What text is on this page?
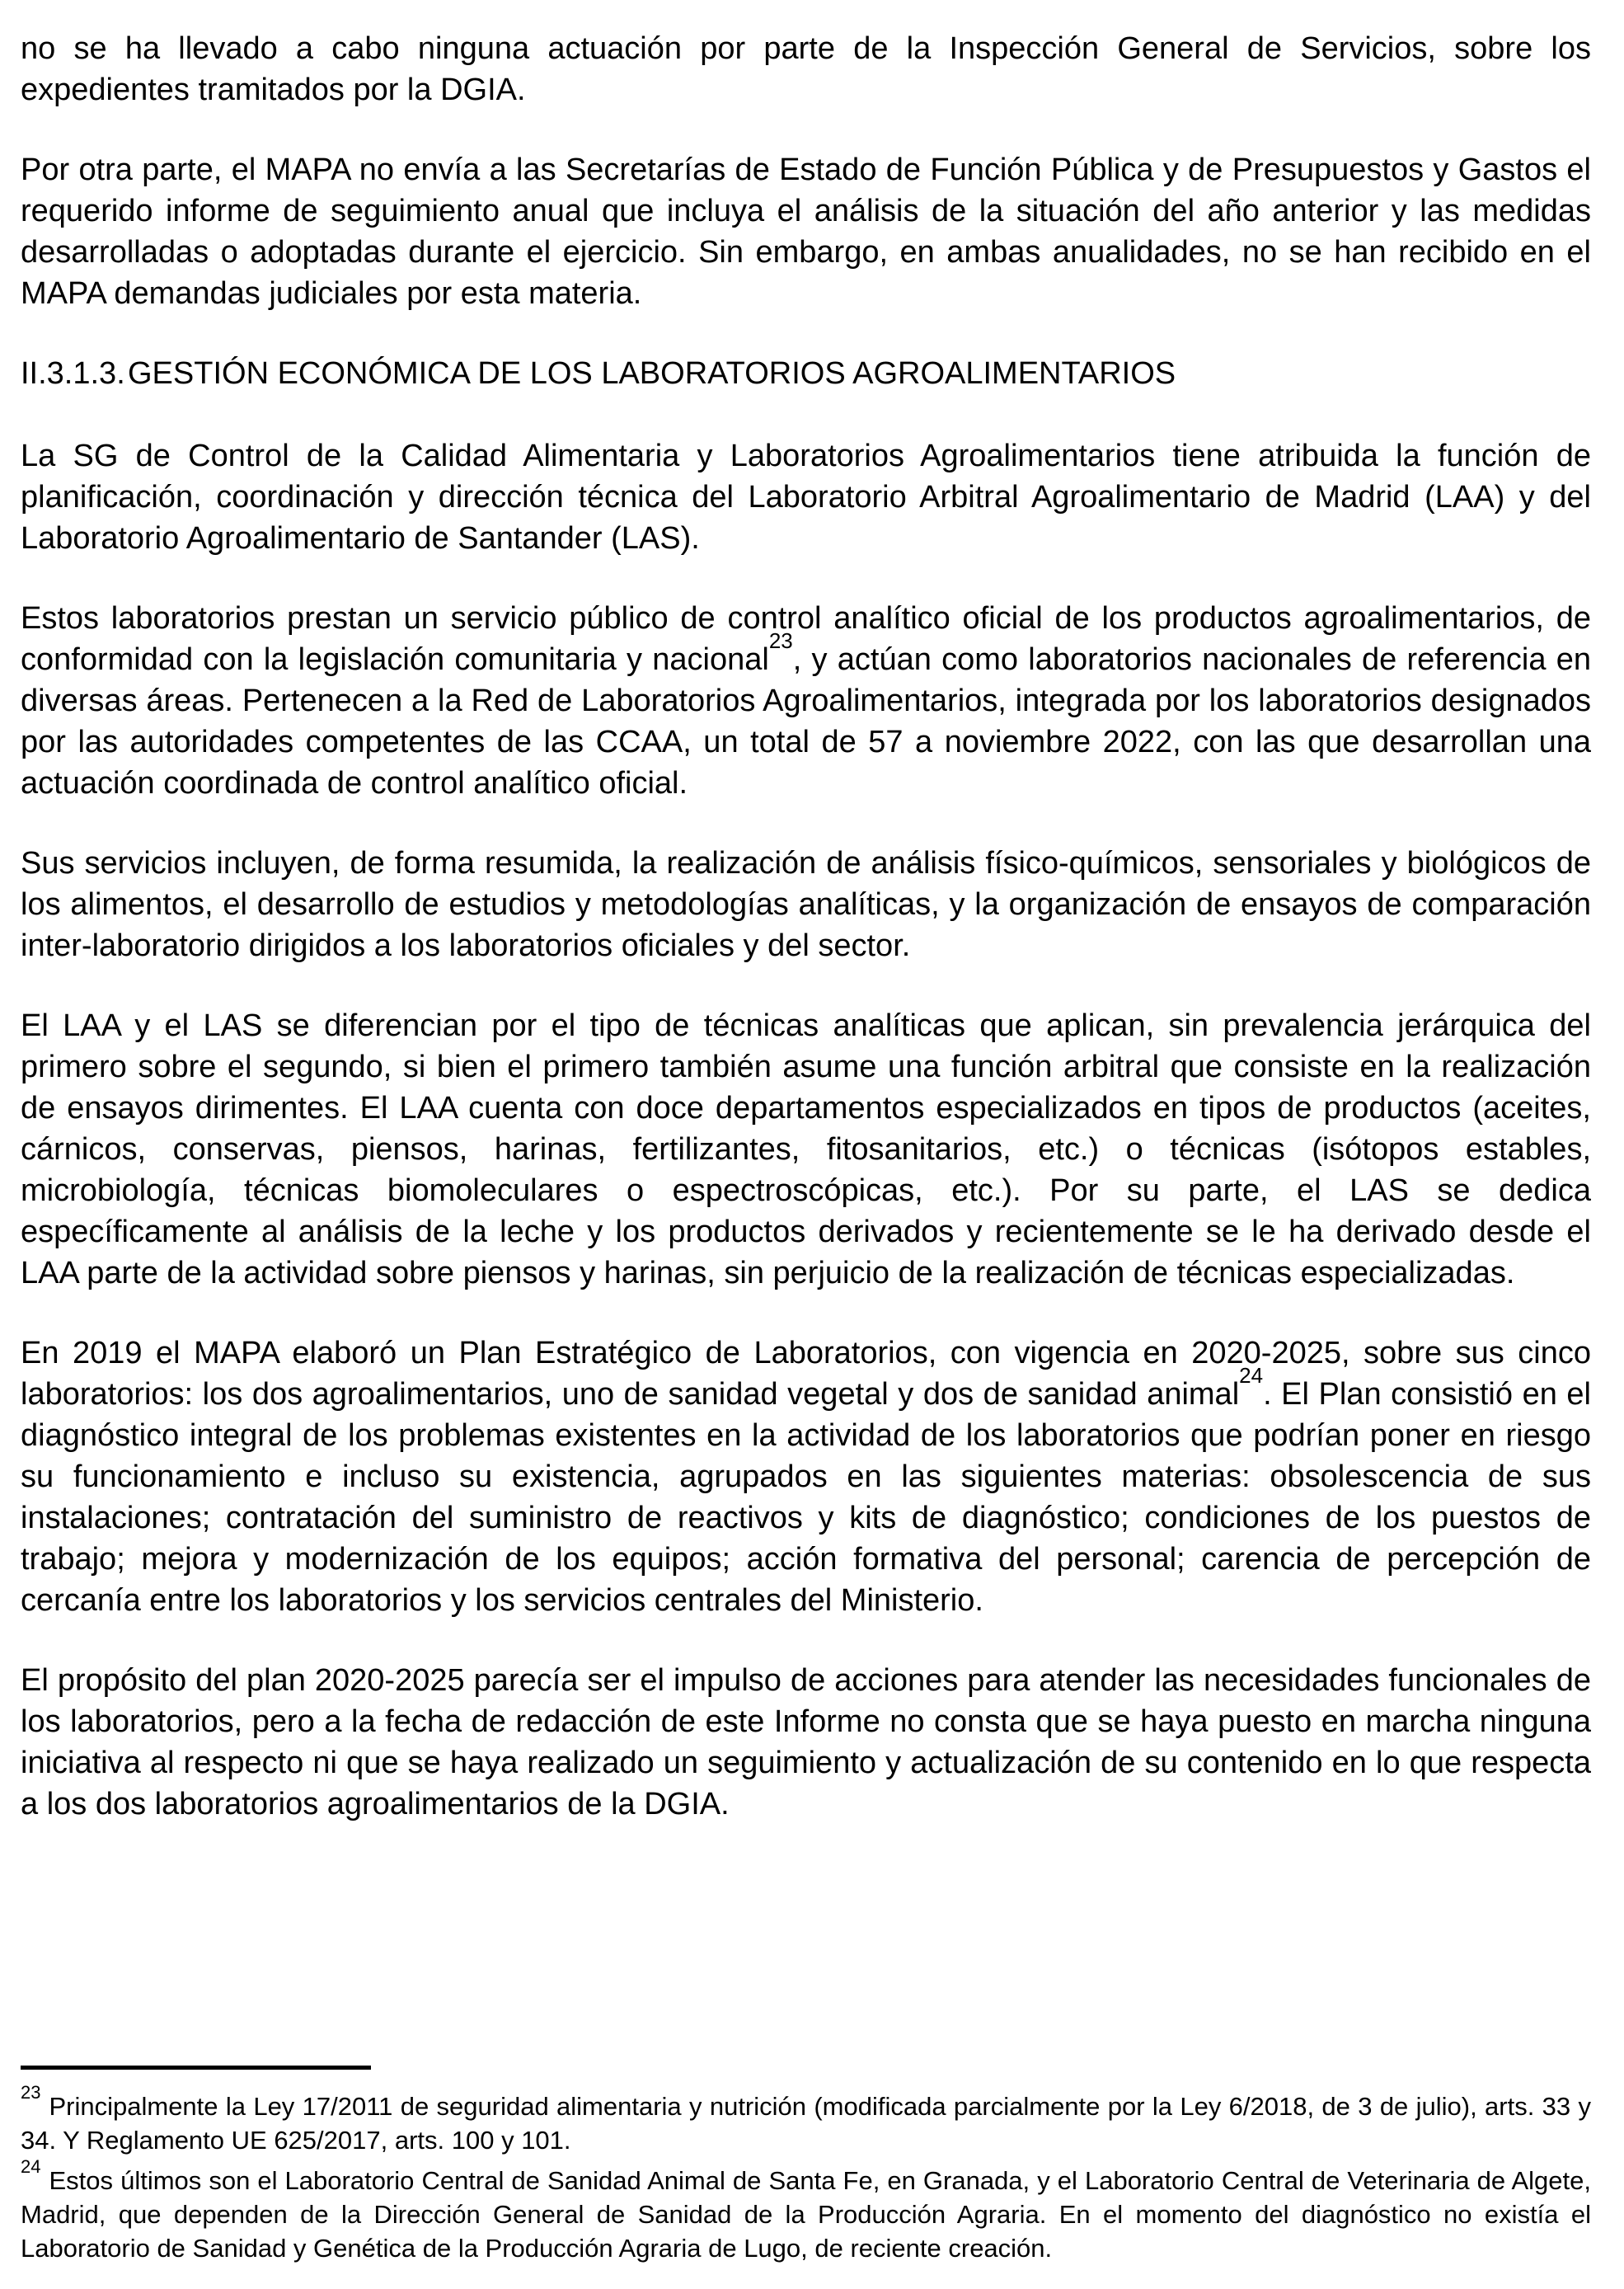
no se ha llevado a cabo ninguna actuación por parte de la Inspección General de Servicios, sobre los expedientes tramitados por la DGIA.

Por otra parte, el MAPA no envía a las Secretarías de Estado de Función Pública y de Presupuestos y Gastos el requerido informe de seguimiento anual que incluya el análisis de la situación del año anterior y las medidas desarrolladas o adoptadas durante el ejercicio. Sin embargo, en ambas anualidades, no se han recibido en el MAPA demandas judiciales por esta materia.

II.3.1.3.GESTIÓN ECONÓMICA DE LOS LABORATORIOS AGROALIMENTARIOS

La SG de Control de la Calidad Alimentaria y Laboratorios Agroalimentarios tiene atribuida la función de planificación, coordinación y dirección técnica del Laboratorio Arbitral Agroalimentario de Madrid (LAA) y del Laboratorio Agroalimentario de Santander (LAS).

Estos laboratorios prestan un servicio público de control analítico oficial de los productos agroalimentarios, de conformidad con la legislación comunitaria y nacional$^{23}$, y actúan como laboratorios nacionales de referencia en diversas áreas. Pertenecen a la Red de Laboratorios Agroalimentarios, integrada por los laboratorios designados por las autoridades competentes de las CCAA, un total de 57 a noviembre 2022, con las que desarrollan una actuación coordinada de control analítico oficial.

Sus servicios incluyen, de forma resumida, la realización de análisis físico-químicos, sensoriales y biológicos de los alimentos, el desarrollo de estudios y metodologías analíticas, y la organización de ensayos de comparación inter-laboratorio dirigidos a los laboratorios oficiales y del sector.

El LAA y el LAS se diferencian por el tipo de técnicas analíticas que aplican, sin prevalencia jerárquica del primero sobre el segundo, si bien el primero también asume una función arbitral que consiste en la realización de ensayos dirimentes. El LAA cuenta con doce departamentos especializados en tipos de productos (aceites, cárnicos, conservas, piensos, harinas, fertilizantes, fitosanitarios, etc.) o técnicas (isótopos estables, microbiología, técnicas biomoleculares o espectroscópicas, etc.). Por su parte, el LAS se dedica específicamente al análisis de la leche y los productos derivados y recientemente se le ha derivado desde el LAA parte de la actividad sobre piensos y harinas, sin perjuicio de la realización de técnicas especializadas.

En 2019 el MAPA elaboró un Plan Estratégico de Laboratorios, con vigencia en 2020-2025, sobre sus cinco laboratorios: los dos agroalimentarios, uno de sanidad vegetal y dos de sanidad animal$^{24}$. El Plan consistió en el diagnóstico integral de los problemas existentes en la actividad de los laboratorios que podrían poner en riesgo su funcionamiento e incluso su existencia, agrupados en las siguientes materias: obsolescencia de sus instalaciones; contratación del suministro de reactivos y kits de diagnóstico; condiciones de los puestos de trabajo; mejora y modernización de los equipos; acción formativa del personal; carencia de percepción de cercanía entre los laboratorios y los servicios centrales del Ministerio.

El propósito del plan 2020-2025 parecía ser el impulso de acciones para atender las necesidades funcionales de los laboratorios, pero a la fecha de redacción de este Informe no consta que se haya puesto en marcha ninguna iniciativa al respecto ni que se haya realizado un seguimiento y actualización de su contenido en lo que respecta a los dos laboratorios agroalimentarios de la DGIA.

$^{23}$ Principalmente la Ley 17/2011 de seguridad alimentaria y nutrición (modificada parcialmente por la Ley 6/2018, de 3 de julio), arts. 33 y 34. Y Reglamento UE 625/2017, arts. 100 y 101.

$^{24}$ Estos últimos son el Laboratorio Central de Sanidad Animal de Santa Fe, en Granada, y el Laboratorio Central de Veterinaria de Algete, Madrid, que dependen de la Dirección General de Sanidad de la Producción Agraria. En el momento del diagnóstico no existía el Laboratorio de Sanidad y Genética de la Producción Agraria de Lugo, de reciente creación.
